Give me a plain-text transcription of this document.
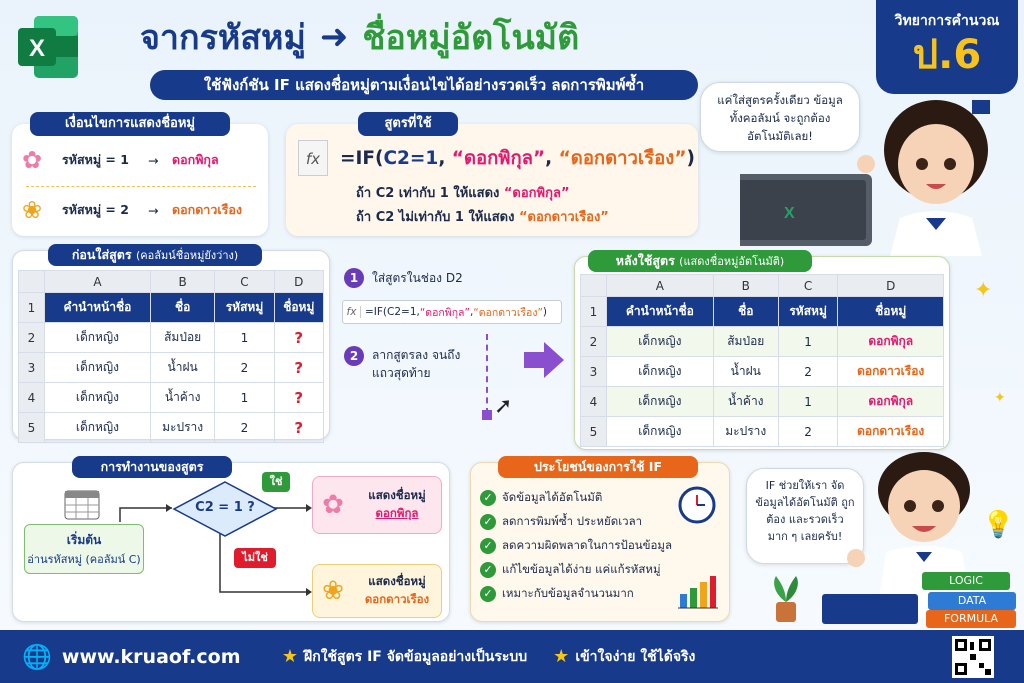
X	จากรหัสหมู่ ➜ ชื่อหมู่อัตโนมัติ
ใช้ฟังก์ชัน IF แสดงชื่อหมู่ตามเงื่อนไขได้อย่างรวดเร็ว ลดการพิมพ์ซ้ำ
วิทยาการคำนวณ
ป.6
แค่ใส่สูตรครั้งเดียว ข้อมูลทั้งคอลัมน์ จะถูกต้องอัตโนมัติเลย!
X
เงื่อนไขการแสดงชื่อหมู่
✿	รหัสหมู่ = 1	→	ดอกพิกุล
❀	รหัสหมู่ = 2	→	ดอกดาวเรือง
สูตรที่ใช้
fx	=IF(C2=1, “ดอกพิกุล”, “ดอกดาวเรือง”)
ถ้า C2 เท่ากับ 1 ให้แสดง “ดอกพิกุล”
ถ้า C2 ไม่เท่ากับ 1 ให้แสดง “ดอกดาวเรือง”
ก่อนใส่สูตร (คอลัมน์ชื่อหมู่ยังว่าง)
	A	B	C	D
1	คำนำหน้าชื่อ	ชื่อ	รหัสหมู่	ชื่อหมู่
2	เด็กหญิง	ส้มป่อย	1	?
3	เด็กหญิง	น้ำฝน	2	?
4	เด็กหญิง	น้ำค้าง	1	?
5	เด็กหญิง	มะปราง	2	?
1	ใส่สูตรในช่อง D2
fx =IF(C2=1, “ดอกพิกุล” , “ดอกดาวเรือง” )
2	ลากสูตรลง จนถึงแถวสุดท้าย
➚
หลังใช้สูตร (แสดงชื่อหมู่อัตโนมัติ)
	A	B	C	D
1	คำนำหน้าชื่อ	ชื่อ	รหัสหมู่	ชื่อหมู่
2	เด็กหญิง	ส้มป่อย	1	ดอกพิกุล
3	เด็กหญิง	น้ำฝน	2	ดอกดาวเรือง
4	เด็กหญิง	น้ำค้าง	1	ดอกพิกุล
5	เด็กหญิง	มะปราง	2	ดอกดาวเรือง
✦
✦
การทำงานของสูตร
เริ่มต้น
อ่านรหัสหมู่ (คอลัมน์ C)
C2 = 1 ?
ใช่
ไม่ใช่
✿	แสดงชื่อหมู่
ดอกพิกุล
❀	แสดงชื่อหมู่
ดอกดาวเรือง
ประโยชน์ของการใช้ IF
✓ จัดข้อมูลได้อัตโนมัติ
✓ ลดการพิมพ์ซ้ำ ประหยัดเวลา
✓ ลดความผิดพลาดในการป้อนข้อมูล
✓ แก้ไขข้อมูลได้ง่าย แค่แก้รหัสหมู่
✓ เหมาะกับข้อมูลจำนวนมาก
IF ช่วยให้เรา จัดข้อมูลได้อัตโนมัติ ถูกต้อง และรวดเร็ว มาก ๆ เลยครับ!	💡
LOGIC
DATA
FORMULA
🌐 www.kruaof.com	★ ฝึกใช้สูตร IF จัดข้อมูลอย่างเป็นระบบ ★ เข้าใจง่าย ใช้ได้จริง
